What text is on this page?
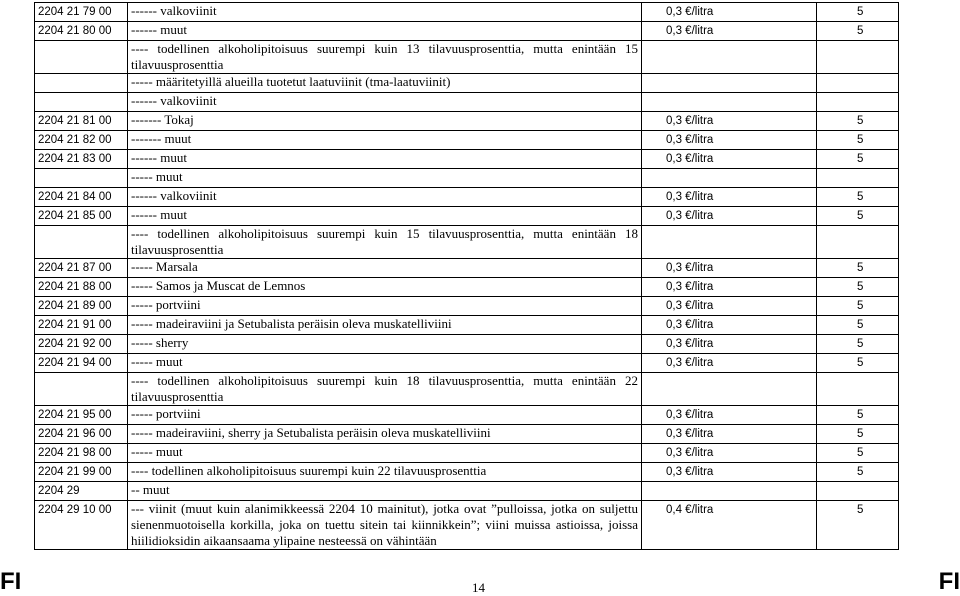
2204 21 79 00	------ valkoviinit	0,3 €/litra	5
2204 21 80 00	------ muut	0,3 €/litra	5
	---- todellinen alkoholipitoisuus suurempi kuin 13 tilavuusprosenttia, mutta enintään 15 tilavuusprosenttia		
	----- määritetyillä alueilla tuotetut laatuviinit (tma-laatuviinit)		
	------ valkoviinit		
2204 21 81 00	------- Tokaj	0,3 €/litra	5
2204 21 82 00	------- muut	0,3 €/litra	5
2204 21 83 00	------ muut	0,3 €/litra	5
	----- muut		
2204 21 84 00	------ valkoviinit	0,3 €/litra	5
2204 21 85 00	------ muut	0,3 €/litra	5
	---- todellinen alkoholipitoisuus suurempi kuin 15 tilavuusprosenttia, mutta enintään 18 tilavuusprosenttia		
2204 21 87 00	----- Marsala	0,3 €/litra	5
2204 21 88 00	----- Samos ja Muscat de Lemnos	0,3 €/litra	5
2204 21 89 00	----- portviini	0,3 €/litra	5
2204 21 91 00	----- madeiraviini ja Setubalista peräisin oleva muskatelliviini	0,3 €/litra	5
2204 21 92 00	----- sherry	0,3 €/litra	5
2204 21 94 00	----- muut	0,3 €/litra	5
	---- todellinen alkoholipitoisuus suurempi kuin 18 tilavuusprosenttia, mutta enintään 22 tilavuusprosenttia		
2204 21 95 00	----- portviini	0,3 €/litra	5
2204 21 96 00	----- madeiraviini, sherry ja Setubalista peräisin oleva muskatelliviini	0,3 €/litra	5
2204 21 98 00	----- muut	0,3 €/litra	5
2204 21 99 00	---- todellinen alkoholipitoisuus suurempi kuin 22 tilavuusprosenttia	0,3 €/litra	5
2204 29	-- muut		
2204 29 10 00	--- viinit (muut kuin alanimikkeessä 2204 10 mainitut), jotka ovat ”pulloissa, jotka on suljettu sienenmuotoisella korkilla, joka on tuettu sitein tai kiinnikkein”; viini muissa astioissa, joissa hiilidioksidin aikaansaama ylipaine nesteessä on vähintään	0,4 €/litra	5
FI	14	FI
